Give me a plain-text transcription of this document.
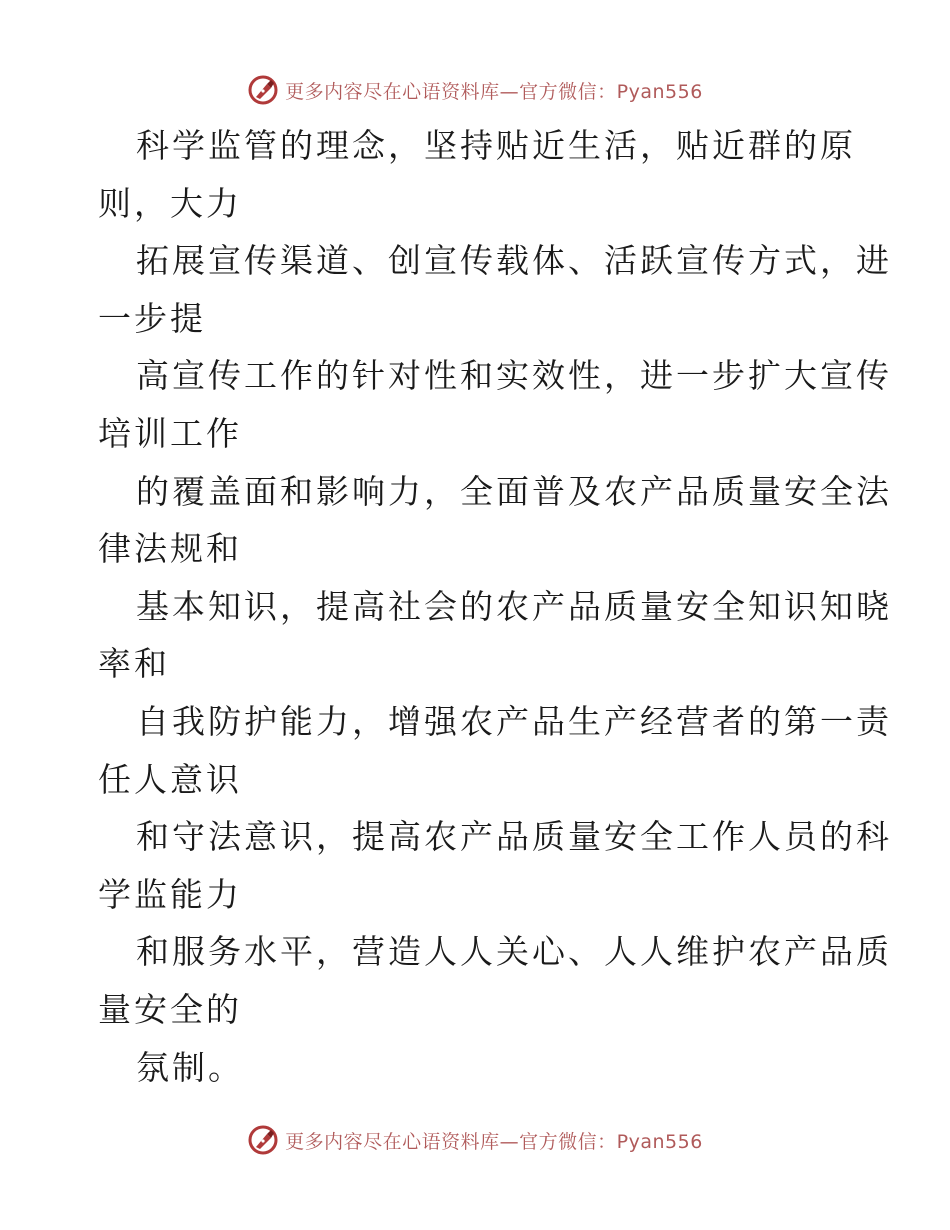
更多内容尽在心语资料库—官方微信：Pyan556
科学监管的理念，坚持贴近生活，贴近群的原
则，大力
拓展宣传渠道、创宣传载体、活跃宣传方式，进
一步提
高宣传工作的针对性和实效性，进一步扩大宣传
培训工作
的覆盖面和影响力，全面普及农产品质量安全法
律法规和
基本知识，提高社会的农产品质量安全知识知晓
率和
自我防护能力，增强农产品生产经营者的第一责
任人意识
和守法意识，提高农产品质量安全工作人员的科
学监能力
和服务水平，营造人人关心、人人维护农产品质
量安全的
氛制。
更多内容尽在心语资料库—官方微信：Pyan556
